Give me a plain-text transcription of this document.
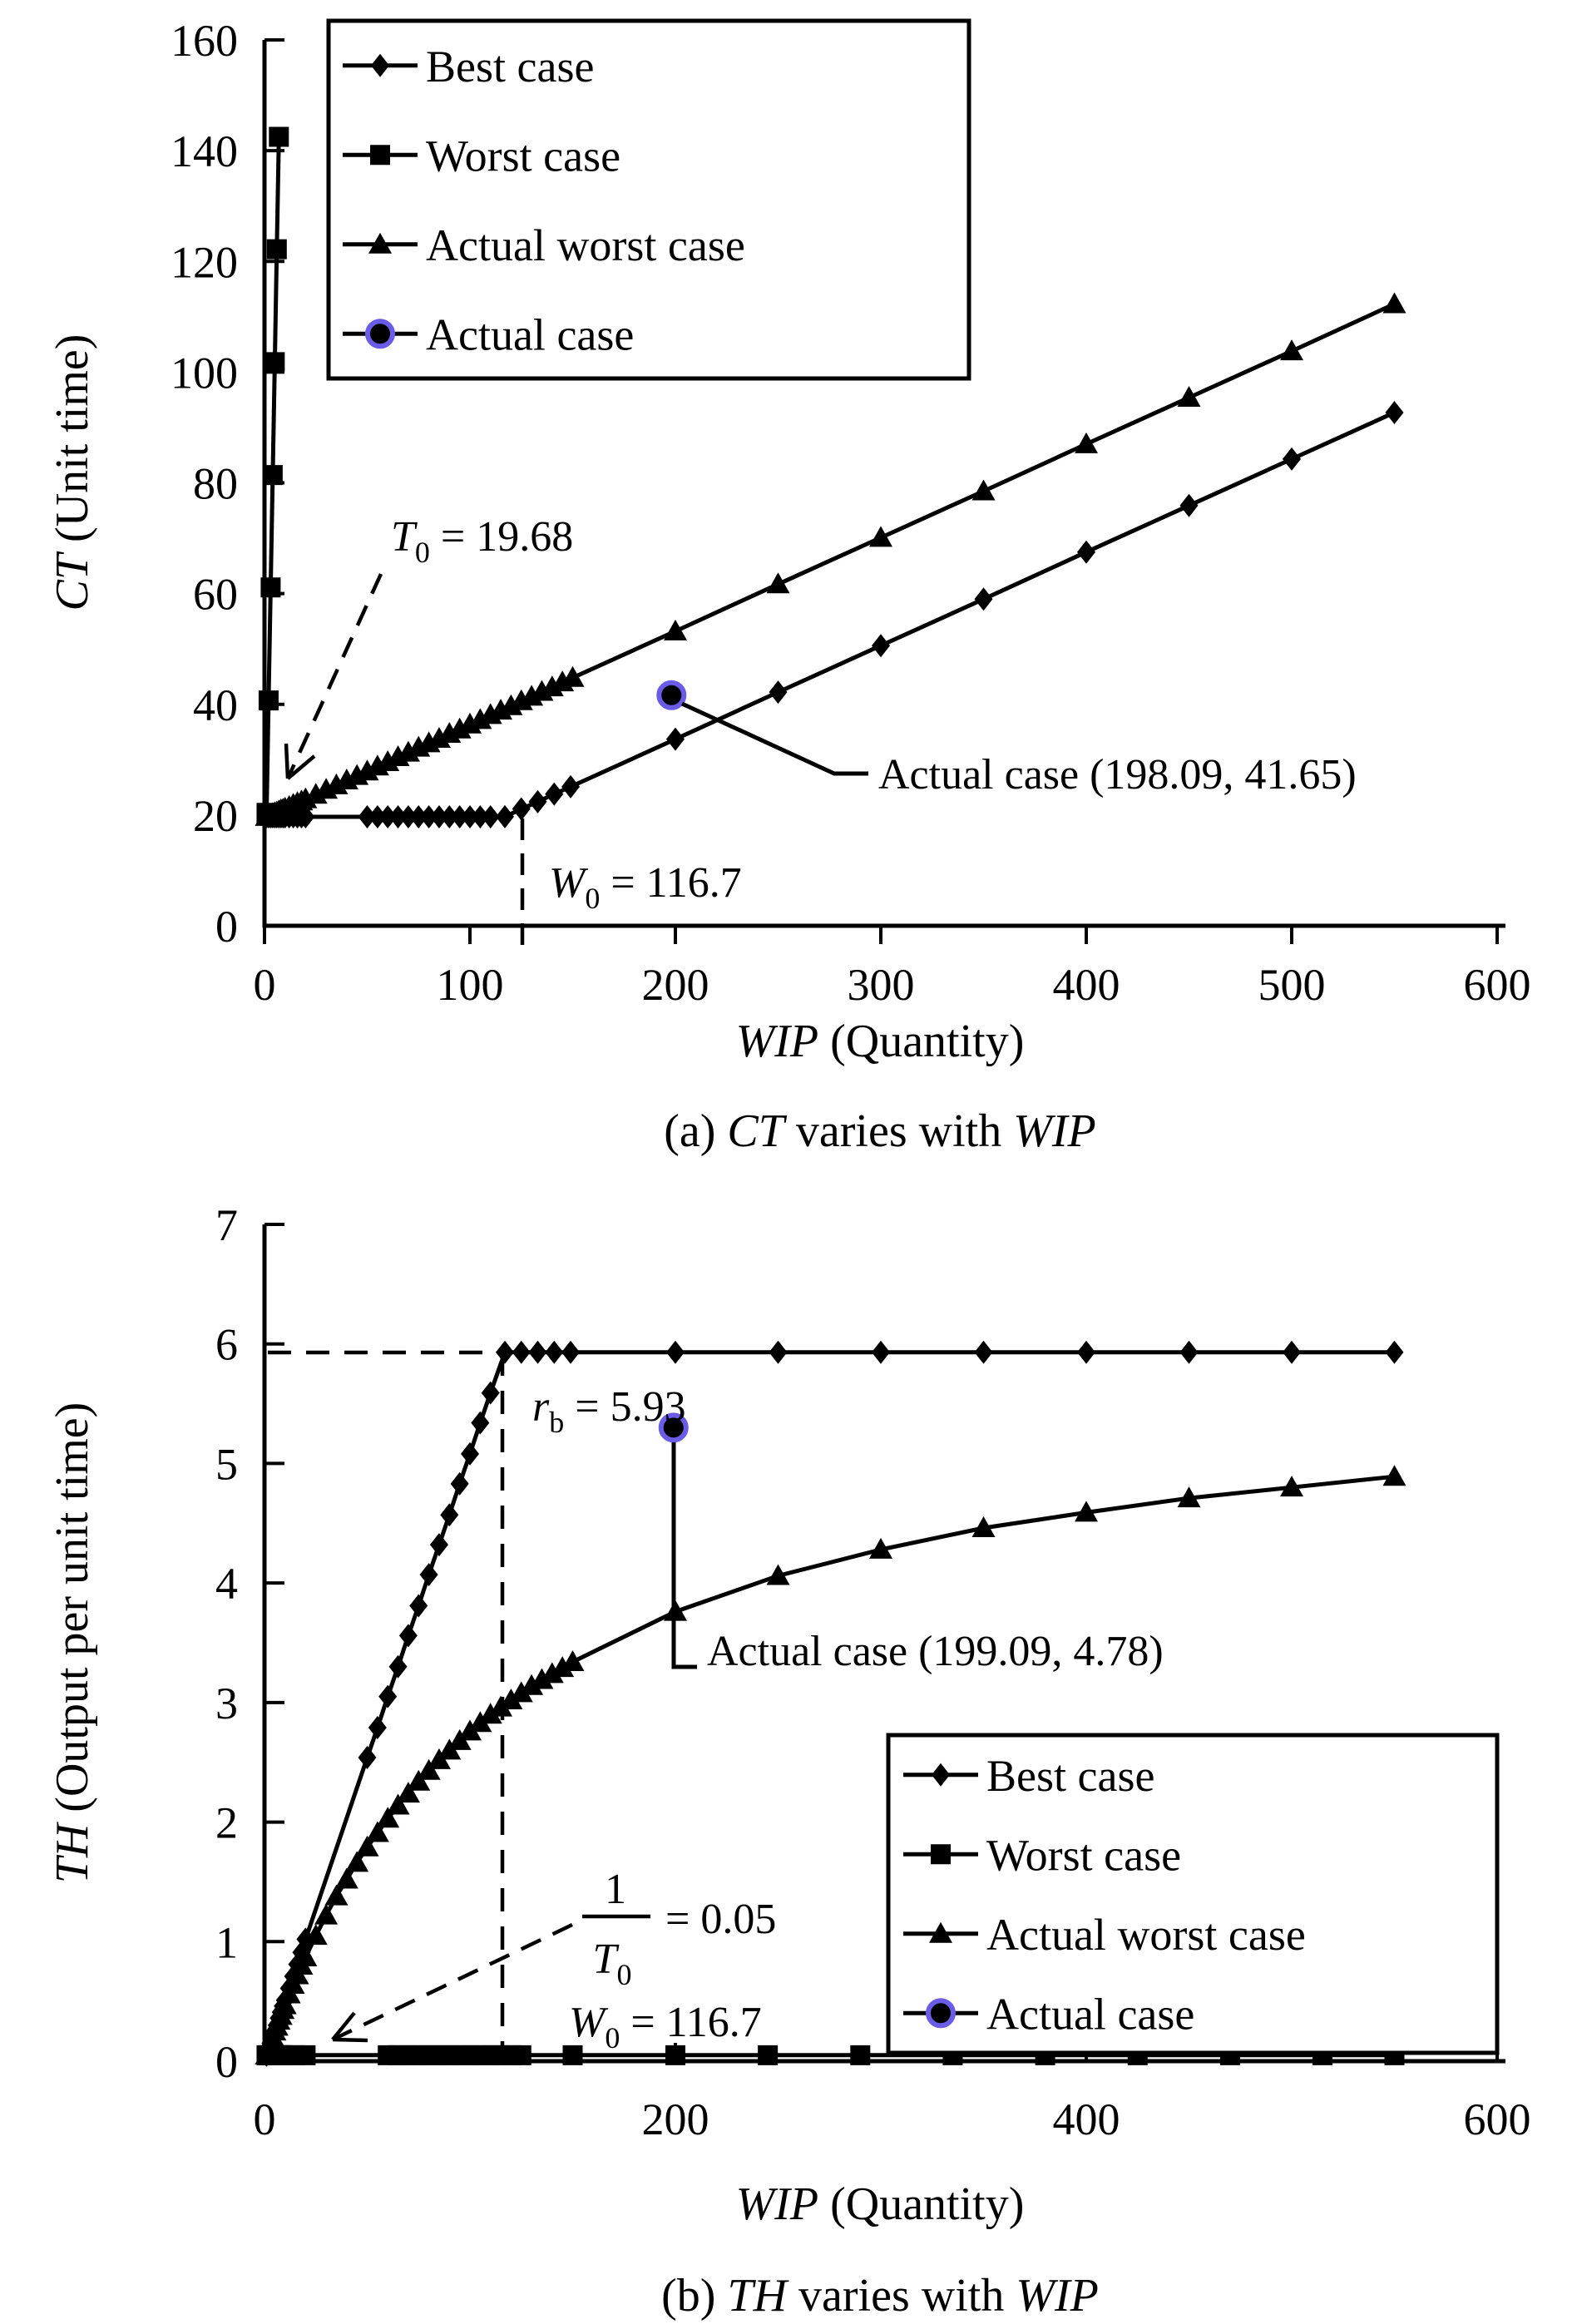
0
20
40
60
80
100
120
140
160
0	100	200	300	400	500	600
Best case
Worst case
Actual worst case
Actual case
$T_0 = 19.68$
$W_0 = 116.7$
Actual case (198.09, 41.65)
CT (Unit time)
WIP (Quantity)
(a) CT varies with WIP
0
1
2
3
4
5
6
7
0	200	400	600
Best case
Worst case
Actual worst case
Actual case
$r_b = 5.93$
Actual case (199.09, 4.78)
1
$T_0$
= 0.05
$W_0 = 116.7$
TH (Output per unit time)
WIP (Quantity)
(b) TH varies with WIP
